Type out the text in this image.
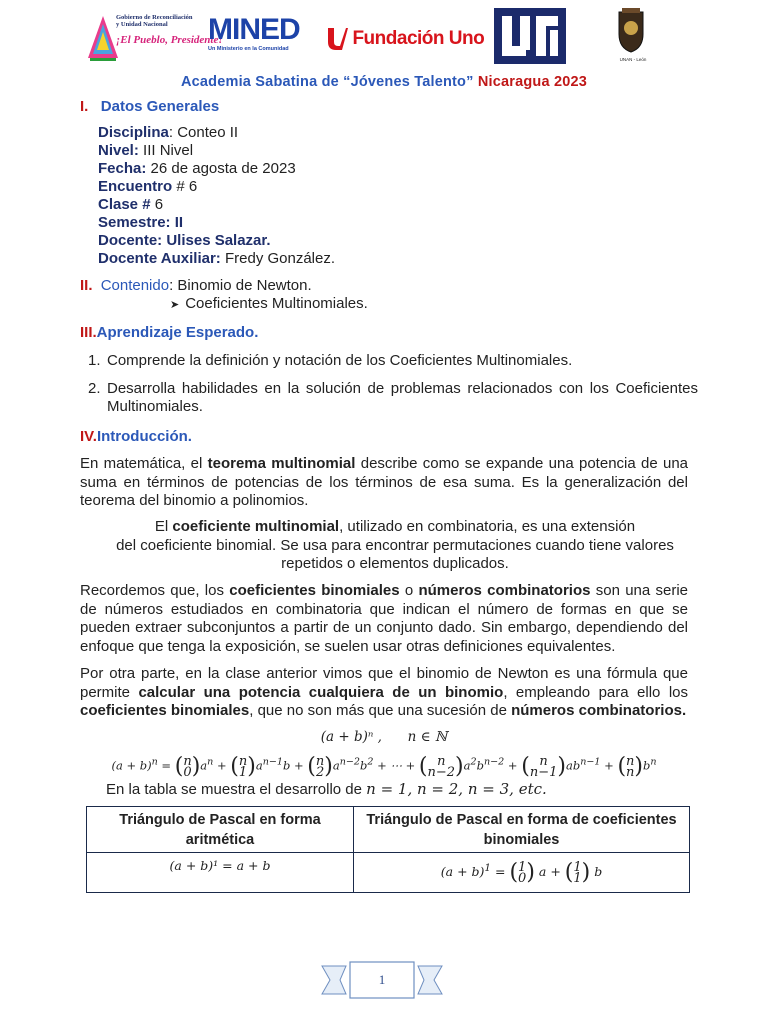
Gobierno de Reconciliación
y Unidad Nacional
¡El Pueblo, Presidente!
MINED
Un Ministerio en la Comunidad	Fundación Uno
UNAN - León
Academia Sabatina de “Jóvenes Talento” Nicaragua 2023
I. Datos Generales
Disciplina: Conteo II
Nivel: III Nivel
Fecha: 26 de agosta de 2023
Encuentro # 6
Clase # 6
Semestre: II
Docente: Ulises Salazar.
Docente Auxiliar: Fredy González.
II. Contenido: Binomio de Newton.
➤ Coeficientes Multinomiales.
III.Aprendizaje Esperado.
1. Comprende la definición y notación de los Coeficientes Multinomiales.
2. Desarrolla habilidades en la solución de problemas relacionados con los Coeficientes Multinomiales.
IV.Introducción.
En matemática, el teorema multinomial describe como se expande una potencia de una suma en términos de potencias de los términos de esa suma. Es la generalización del teorema del binomio a polinomios.
El coeficiente multinomial, utilizado en combinatoria, es una extensión
del coeficiente binomial. Se usa para encontrar permutaciones cuando tiene valores
repetidos o elementos duplicados.
Recordemos que, los coeficientes binomiales o números combinatorios son una serie de números estudiados en combinatoria que indican el número de formas en que se pueden extraer subconjuntos a partir de un conjunto dado. Sin embargo, dependiendo del enfoque que tenga la exposición, se suelen usar otras definiciones equivalentes.
Por otra parte, en la clase anterior vimos que el binomio de Newton es una fórmula que permite calcular una potencia cualquiera de un binomio, empleando para ello los coeficientes binomiales, que no son más que una sucesión de números combinatorios.
(a + b)ⁿ ,      n ∈ ℕ
$(a + b)^n = (n$
$0)a^n + (n$
$1)a^{n-1}b + (n$
$2)a^{n-2}b^2$ + ⋯ + ( n
$n-2)a^2b^{n-2}$ + ( n
$n-1)ab^{n-1} + (n$
$n)b^n$
En la tabla se muestra el desarrollo de n = 1, n = 2, n = 3, etc.
Triángulo de Pascal en forma aritmética	Triángulo de Pascal en forma de coeficientes binomiales
(a + b)¹ = a + b	$(a + b)^1 = (1$
0) a + (1
1) b
1
